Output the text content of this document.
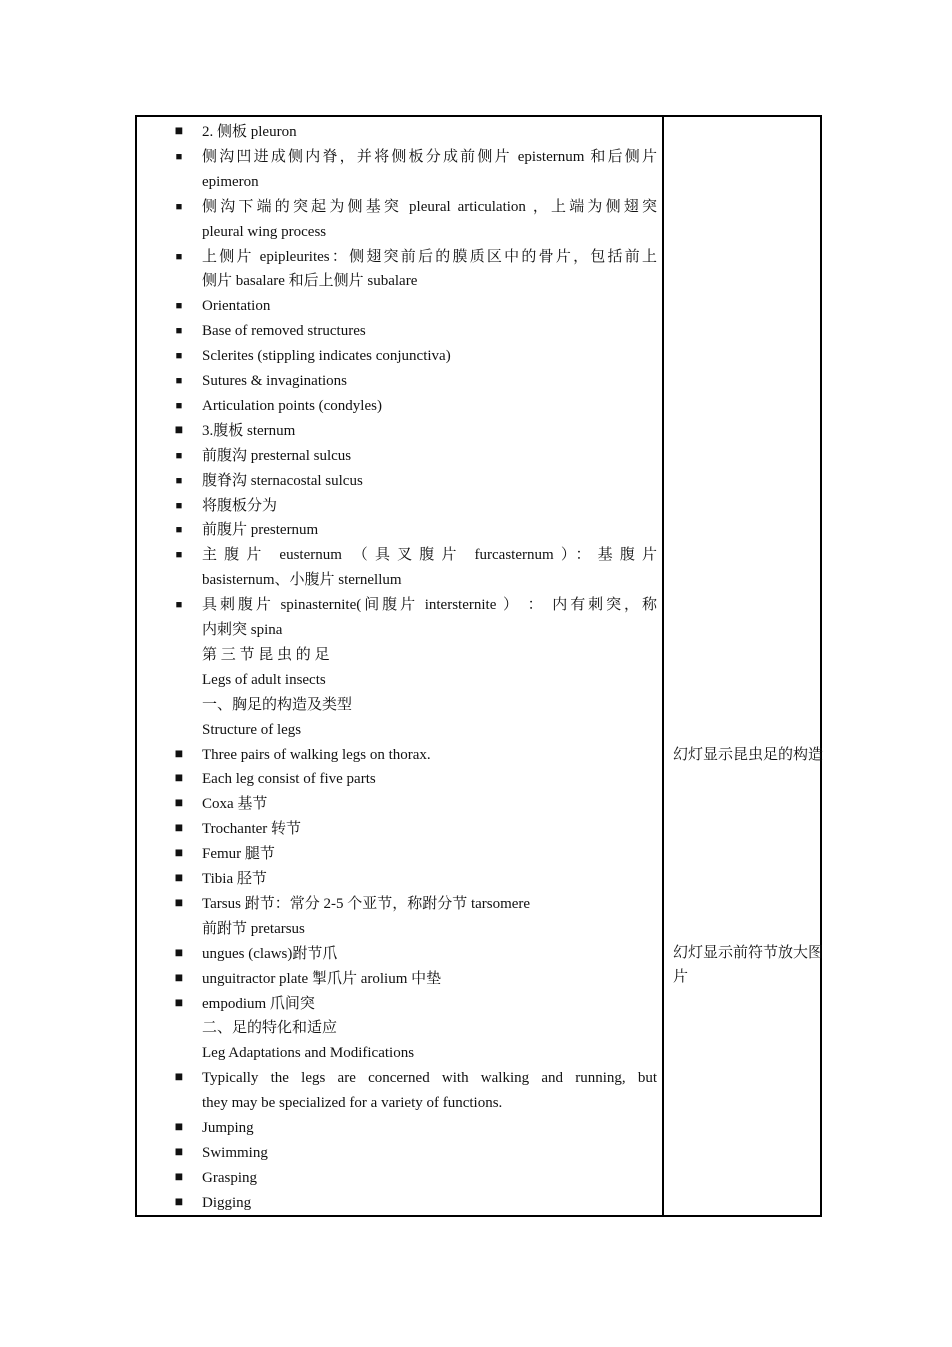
■ 2. 侧板 pleuron
■ 侧沟凹进成侧内脊，并将侧板分成前侧片 episternum 和后侧片
epimeron
■ 侧沟下端的突起为侧基突 pleural articulation ，上端为侧翅突
pleural wing process
■ 上侧片 epipleurites：侧翅突前后的膜质区中的骨片，包括前上
侧片 basalare 和后上侧片 subalare
■ Orientation
■ Base of removed structures
■ Sclerites (stippling indicates conjunctiva)
■ Sutures & invaginations
■ Articulation points (condyles)
■ 3.腹板 sternum
■ 前腹沟 presternal sulcus
■ 腹脊沟 sternacostal sulcus
■ 将腹板分为
■ 前腹片 presternum
■ 主腹片 eusternum （具叉腹片 furcasternum）：基腹片
basisternum、小腹片 sternellum
■ 具刺腹片 spinasternite(间腹片 intersternite ） ： 内有刺突，称
内刺突 spina
第 三 节 昆 虫 的 足
Legs of adult insects
一、胸足的构造及类型
Structure of legs
■ Three pairs of walking legs on thorax.
■ Each leg consist of five parts
■ Coxa 基节
■ Trochanter 转节
■ Femur 腿节
■ Tibia 胫节
■ Tarsus 跗节：常分 2-5 个亚节，称跗分节 tarsomere
前跗节 pretarsus
■ ungues (claws)跗节爪
■ unguitractor plate 掣爪片 arolium 中垫
■ empodium 爪间突
二、足的特化和适应
Leg Adaptations and Modifications
■ Typically the legs are concerned with walking and running, but
they may be specialized for a variety of functions.
■ Jumping
■ Swimming
■ Grasping
■ Digging
幻灯显示昆虫足的构造
幻灯显示前符节放大图片
